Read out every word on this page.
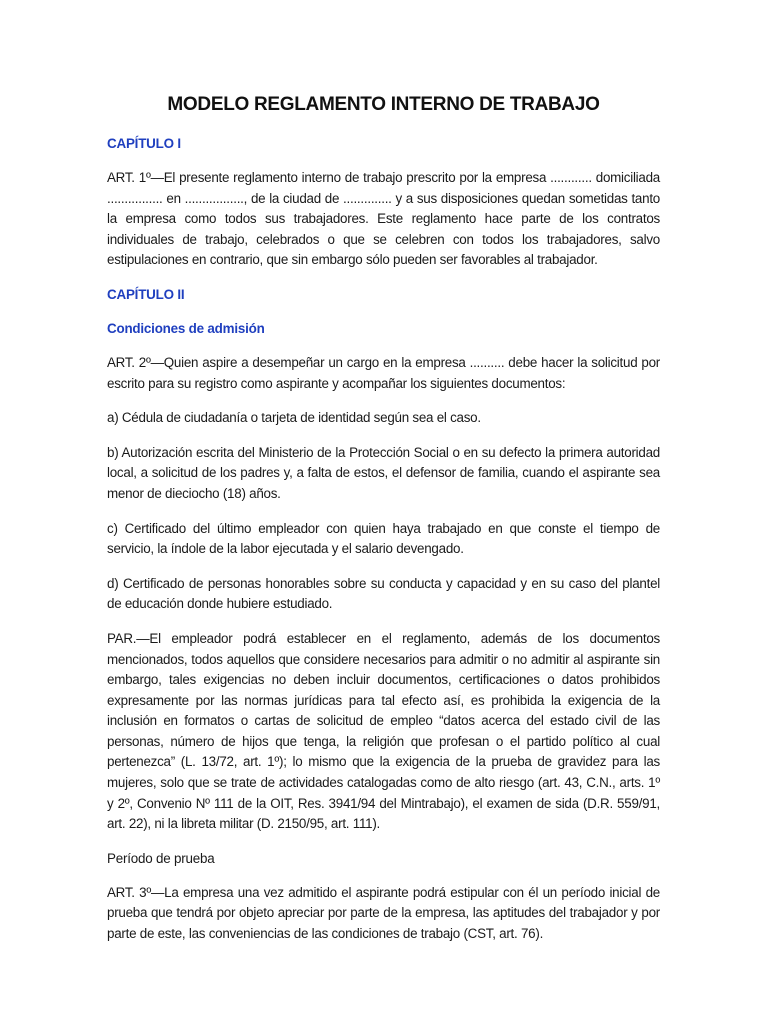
MODELO REGLAMENTO INTERNO DE TRABAJO
CAPÍTULO I

ART. 1º—El presente reglamento interno de trabajo prescrito por la empresa ............ domiciliada ................ en ................., de la ciudad de .............. y a sus disposiciones quedan sometidas tanto la empresa como todos sus trabajadores. Este reglamento hace parte de los contratos individuales de trabajo, celebrados o que se celebren con todos los trabajadores, salvo estipulaciones en contrario, que sin embargo sólo pueden ser favorables al trabajador.

CAPÍTULO II
Condiciones de admisión

ART. 2º—Quien aspire a desempeñar un cargo en la empresa .......... debe hacer la solicitud por escrito para su registro como aspirante y acompañar los siguientes documentos:

a) Cédula de ciudadanía o tarjeta de identidad según sea el caso.

b) Autorización escrita del Ministerio de la Protección Social o en su defecto la primera autoridad local, a solicitud de los padres y, a falta de estos, el defensor de familia, cuando el aspirante sea menor de dieciocho (18) años.

c) Certificado del último empleador con quien haya trabajado en que conste el tiempo de servicio, la índole de la labor ejecutada y el salario devengado.

d) Certificado de personas honorables sobre su conducta y capacidad y en su caso del plantel de educación donde hubiere estudiado.

PAR.—El empleador podrá establecer en el reglamento, además de los documentos mencionados, todos aquellos que considere necesarios para admitir o no admitir al aspirante sin embargo, tales exigencias no deben incluir documentos, certificaciones o datos prohibidos expresamente por las normas jurídicas para tal efecto así, es prohibida la exigencia de la inclusión en formatos o cartas de solicitud de empleo “datos acerca del estado civil de las personas, número de hijos que tenga, la religión que profesan o el partido político al cual pertenezca” (L. 13/72, art. 1º); lo mismo que la exigencia de la prueba de gravidez para las mujeres, solo que se trate de actividades catalogadas como de alto riesgo (art. 43, C.N., arts. 1º y 2º, Convenio Nº 111 de la OIT, Res. 3941/94 del Mintrabajo), el examen de sida (D.R. 559/91, art. 22), ni la libreta militar (D. 2150/95, art. 111).

Período de prueba

ART. 3º—La empresa una vez admitido el aspirante podrá estipular con él un período inicial de prueba que tendrá por objeto apreciar por parte de la empresa, las aptitudes del trabajador y por parte de este, las conveniencias de las condiciones de trabajo (CST, art. 76).
